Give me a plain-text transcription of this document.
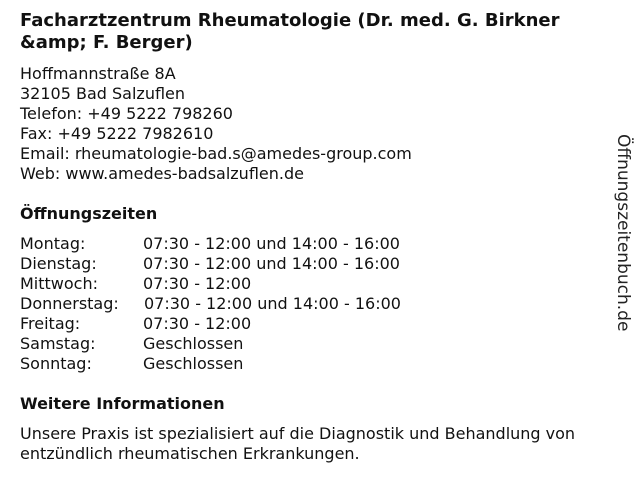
Facharztzentrum Rheumatologie (Dr. med. G. Birkner &amp; F. Berger)
Hoffmannstraße 8A
32105 Bad Salzuflen
Telefon: +49 5222 798260
Fax: +49 5222 7982610
Email: rheumatologie-bad.s@amedes-group.com
Web: www.amedes-badsalzuflen.de
Öffnungszeiten
Montag:	07:30 - 12:00 und 14:00 - 16:00
Dienstag:	07:30 - 12:00 und 14:00 - 16:00
Mittwoch:	07:30 - 12:00
Donnerstag: 07:30 - 12:00 und 14:00 - 16:00
Freitag:	07:30 - 12:00
Samstag:	Geschlossen
Sonntag:	Geschlossen
Weitere Informationen
Unsere Praxis ist spezialisiert auf die Diagnostik und Behandlung von entzündlich rheumatischen Erkrankungen.
Öffnungszeitenbuch.de
